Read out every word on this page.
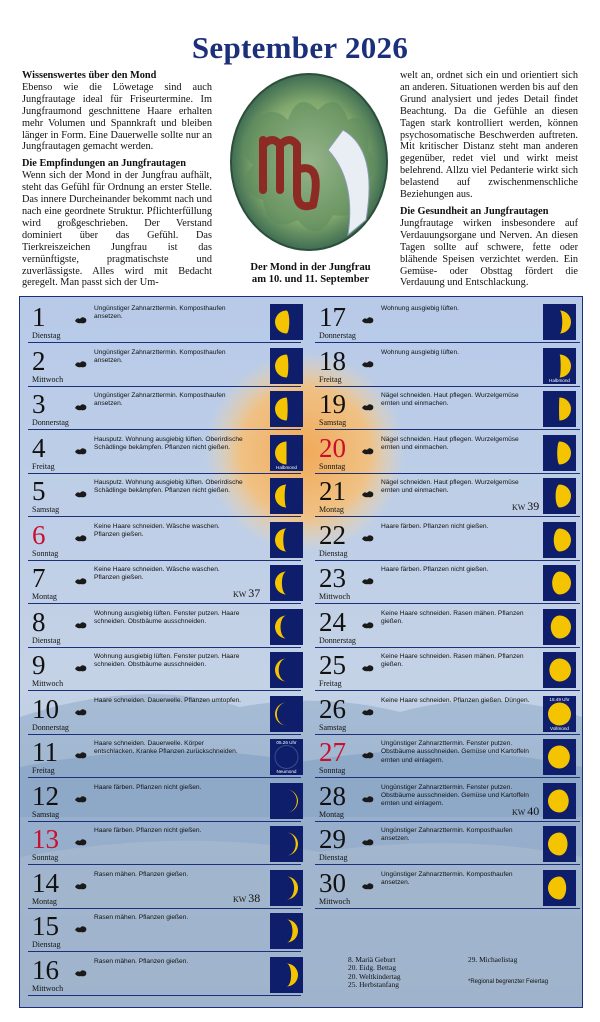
September 2026

Wissenswertes über den Mond
Ebenso wie die Löwetage sind auch Jungfrautage ideal für Friseurtermine. Im Jungfraumond geschnittene Haare erhalten mehr Volumen und Spannkraft und bleiben länger in Form. Eine Dauerwelle sollte nur an Jungfrautagen gemacht werden.

Die Empfindungen an Jungfrautagen
Wenn sich der Mond in der Jungfrau aufhält, steht das Gefühl für Ordnung an erster Stelle. Das innere Durcheinander bekommt nach und nach eine geordnete Struktur. Pflichterfüllung wird großgeschrieben. Der Verstand dominiert über das Gefühl. Das Tierkreiszeichen Jungfrau ist das vernünftigste, pragmatischste und zuverlässigste. Alles wird mit Bedacht geregelt. Man passt sich der Um-

Der Mond in der Jungfrau
am 10. und 11. September

welt an, ordnet sich ein und orientiert sich an anderen. Situationen werden bis auf den Grund analysiert und jedes Detail findet Beachtung. Da die Gefühle an diesen Tagen stark kontrolliert werden, können psychosomatische Beschwerden auftreten. Mit kritischer Distanz steht man anderen gegenüber, redet viel und wirkt meist belehrend. Allzu viel Pedanterie wirkt sich belastend auf zwischenmenschliche Beziehungen aus.

Die Gesundheit an Jungfrautagen
Jungfrautage wirken insbesondere auf Verdauungsorgane und Nerven. An diesen Tagen sollte auf schwere, fette oder blähende Speisen verzichtet werden. Ein Gemüse- oder Obsttag fördert die Verdauung und Entschlackung.

1
Dienstag
Ungünstiger Zahnarzttermin. Komposthaufen ansetzen.
2
Mittwoch
Ungünstiger Zahnarzttermin. Komposthaufen ansetzen.
3
Donnerstag
Ungünstiger Zahnarzttermin. Komposthaufen ansetzen.
4
Freitag
Hausputz. Wohnung ausgiebig lüften. Oberirdische Schädlinge bekämpfen. Pflanzen nicht gießen.
Halbmond
5
Samstag
Hausputz. Wohnung ausgiebig lüften. Oberirdische Schädlinge bekämpfen. Pflanzen nicht gießen.
6
Sonntag
Keine Haare schneiden. Wäsche waschen. Pflanzen gießen.
7
Montag
Keine Haare schneiden. Wäsche waschen. Pflanzen gießen.
KW 37
8
Dienstag
Wohnung ausgiebig lüften. Fenster putzen. Haare schneiden. Obstbäume ausschneiden.
9
Mittwoch
Wohnung ausgiebig lüften. Fenster putzen. Haare schneiden. Obstbäume ausschneiden.
10
Donnerstag
Haare schneiden. Dauerwelle. Pflanzen umtopfen.
11
Freitag
Haare schneiden. Dauerwelle. Körper entschlacken. Kranke Pflanzen zurückschneiden.
05.26 Uhr
Neumond
12
Samstag
Haare färben. Pflanzen nicht gießen.
13
Sonntag
Haare färben. Pflanzen nicht gießen.
14
Montag
Rasen mähen. Pflanzen gießen.
KW 38
15
Dienstag
Rasen mähen. Pflanzen gießen.
16
Mittwoch
Rasen mähen. Pflanzen gießen.
17
Donnerstag
Wohnung ausgiebig lüften.
18
Freitag
Wohnung ausgiebig lüften.
Halbmond
19
Samstag
Nägel schneiden. Haut pflegen. Wurzelgemüse ernten und einmachen.
20
Sonntag
Nägel schneiden. Haut pflegen. Wurzelgemüse ernten und einmachen.
21
Montag
Nägel schneiden. Haut pflegen. Wurzelgemüse ernten und einmachen.
KW 39
22
Dienstag
Haare färben. Pflanzen nicht gießen.
23
Mittwoch
Haare färben. Pflanzen nicht gießen.
24
Donnerstag
Keine Haare schneiden. Rasen mähen. Pflanzen gießen.
25
Freitag
Keine Haare schneiden. Rasen mähen. Pflanzen gießen.
26
Samstag
Keine Haare schneiden. Pflanzen gießen. Düngen.	18.49 Uhr
Vollmond
27
Sonntag
Ungünstiger Zahnarzttermin. Fenster putzen. Obstbäume ausschneiden. Gemüse und Kartoffeln ernten und einlagern.
28
Montag
Ungünstiger Zahnarzttermin. Fenster putzen. Obstbäume ausschneiden. Gemüse und Kartoffeln ernten und einlagern.
KW 40
29
Dienstag
Ungünstiger Zahnarzttermin. Komposthaufen ansetzen.
30
Mittwoch
Ungünstiger Zahnarzttermin. Komposthaufen ansetzen.
8. Mariä Geburt
20. Eidg. Bettag
20. Weltkindertag
25. Herbstanfang
29. Michaelistag
*Regional begrenzter Feiertag
